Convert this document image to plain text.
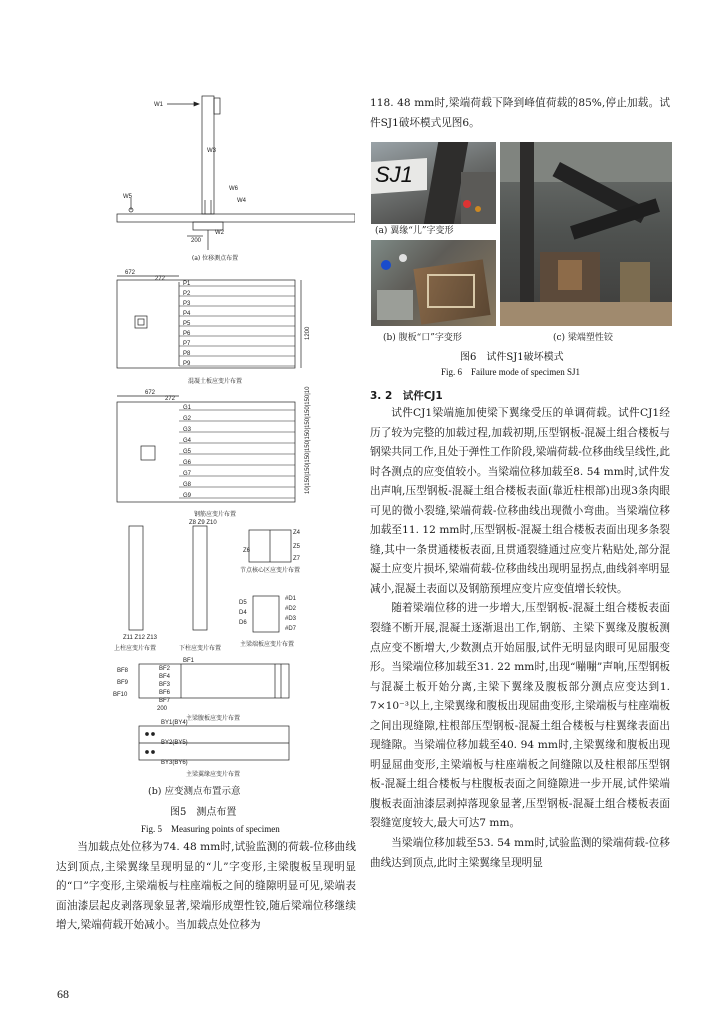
W1
W5
W3
W6
W4
W2
200
(a) 位移测点布置
672
272
P1
P2
P3
P4
P5
P6
P7
P8
P9
1200
混凝土板应变片布置
672
272
G1
G2
G3
G4
G5
G6
G7
G8
G9
10|150|150|150|150|150|150|150|150|10
钢筋应变片布置
Z8 Z9 Z10
Z11 Z12 Z13
上柱应变片布置	下柱应变片布置
Z4
Z5
Z6
Z7
节点核心区应变片布置
#D1
#D2
#D3
#D7
D5
D4
D6
主梁端板应变片布置
BF1
BF2
BF8
BF4
BF9	BF3
BF10	BF6
BF7
200
主梁腹板应变片布置
BY1(BY4)
BY2(BY5)
BY3(BY6)
主梁翼缘应变片布置
(b) 应变测点布置示意
图5　测点布置
Fig. 5　Measuring points of specimen

当加载点处位移为74. 48 mm时,试验监测的荷载-位移曲线达到顶点,主梁翼缘呈现明显的“儿”字变形,主梁腹板呈现明显的“口”字变形,主梁端板与柱座端板之间的缝隙明显可见,梁端表面油漆层起皮剥落现象显著,梁端形成塑性铰,随后梁端位移继续增大,梁端荷载开始减小。当加载点处位移为

68

118. 48 mm时,梁端荷载下降到峰值荷载的85%,停止加载。试件SJ1破坏模式见图6。

SJ1
(a) 翼缘“儿”字变形
(b) 腹板“口”字变形	(c) 梁端塑性铰
图6　试件SJ1破坏模式
Fig. 6　Failure mode of specimen SJ1
3. 2　试件CJ1

试件CJ1梁端施加使梁下翼缘受压的单调荷载。试件CJ1经历了较为完整的加载过程,加载初期,压型钢板-混凝土组合楼板与钢梁共同工作,且处于弹性工作阶段,梁端荷载-位移曲线呈线性,此时各测点的应变值较小。当梁端位移加载至8. 54 mm时,试件发出声响,压型钢板-混凝土组合楼板表面(靠近柱根部)出现3条肉眼可见的微小裂缝,梁端荷载-位移曲线出现微小弯曲。当梁端位移加载至11. 12 mm时,压型钢板-混凝土组合楼板表面出现多条裂缝,其中一条贯通楼板表面,且贯通裂缝通过应变片粘贴处,部分混凝土应变片损坏,梁端荷载-位移曲线出现明显拐点,曲线斜率明显减小,混凝土表面以及钢筋预埋应变片应变值增长较快。

随着梁端位移的进一步增大,压型钢板-混凝土组合楼板表面裂缝不断开展,混凝土逐渐退出工作,钢筋、主梁下翼缘及腹板测点应变不断增大,少数测点开始屈服,试件无明显肉眼可见屈服变形。当梁端位移加载至31. 22 mm时,出现“嘣嘣”声响,压型钢板与混凝土板开始分离,主梁下翼缘及腹板部分测点应变达到1. 7×10⁻³以上,主梁翼缘和腹板出现屈曲变形,主梁端板与柱座端板之间出现缝隙,柱根部压型钢板-混凝土组合楼板与柱翼缘表面出现缝隙。当梁端位移加载至40. 94 mm时,主梁翼缘和腹板出现明显屈曲变形,主梁端板与柱座端板之间缝隙以及柱根部压型钢板-混凝土组合楼板与柱腹板表面之间缝隙进一步开展,试件梁端腹板表面油漆层剥掉落现象显著,压型钢板-混凝土组合楼板表面裂缝宽度较大,最大可达7 mm。

当梁端位移加载至53. 54 mm时,试验监测的梁端荷载-位移曲线达到顶点,此时主梁翼缘呈现明显
